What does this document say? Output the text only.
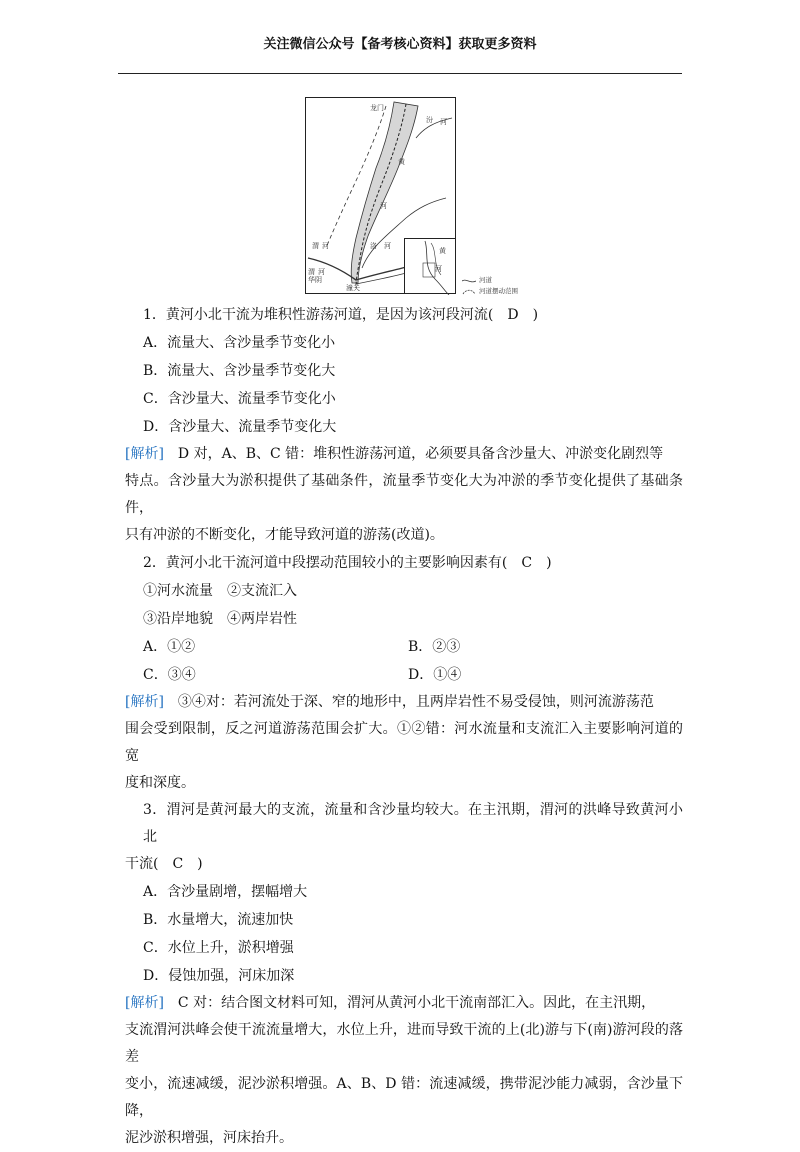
关注微信公众号【备考核心资料】获取更多资料
龙门
汾 河
黄
河
渭 河	洛 河
潼关
华阴
渭 河
黄
河
河道
河道摆动范围
1．黄河小北干流为堆积性游荡河道，是因为该河段河流(　D　)
A．流量大、含沙量季节变化小
B．流量大、含沙量季节变化大
C．含沙量大、流量季节变化小
D．含沙量大、流量季节变化大

[解析]　D 对，A、B、C 错：堆积性游荡河道，必须要具备含沙量大、冲淤变化剧烈等

特点。含沙量大为淤积提供了基础条件，流量季节变化大为冲淤的季节变化提供了基础条件，

只有冲淤的不断变化，才能导致河道的游荡(改道)。

2．黄河小北干流河道中段摆动范围较小的主要影响因素有(　C　)
①河水流量　②支流汇入
③沿岸地貌　④两岸岩性
A．①②	B．②③
C．③④	D．①④

[解析]　③④对：若河流处于深、窄的地形中，且两岸岩性不易受侵蚀，则河流游荡范

围会受到限制，反之河道游荡范围会扩大。①②错：河水流量和支流汇入主要影响河道的宽

度和深度。

3．渭河是黄河最大的支流，流量和含沙量均较大。在主汛期，渭河的洪峰导致黄河小北

干流(　C　)

A．含沙量剧增，摆幅增大
B．水量增大，流速加快
C．水位上升，淤积增强
D．侵蚀加强，河床加深

[解析]　C 对：结合图文材料可知，渭河从黄河小北干流南部汇入。因此，在主汛期，

支流渭河洪峰会使干流流量增大，水位上升，进而导致干流的上(北)游与下(南)游河段的落差

变小，流速减缓，泥沙淤积增强。A、B、D 错：流速减缓，携带泥沙能力减弱，含沙量下降，

泥沙淤积增强，河床抬升。
